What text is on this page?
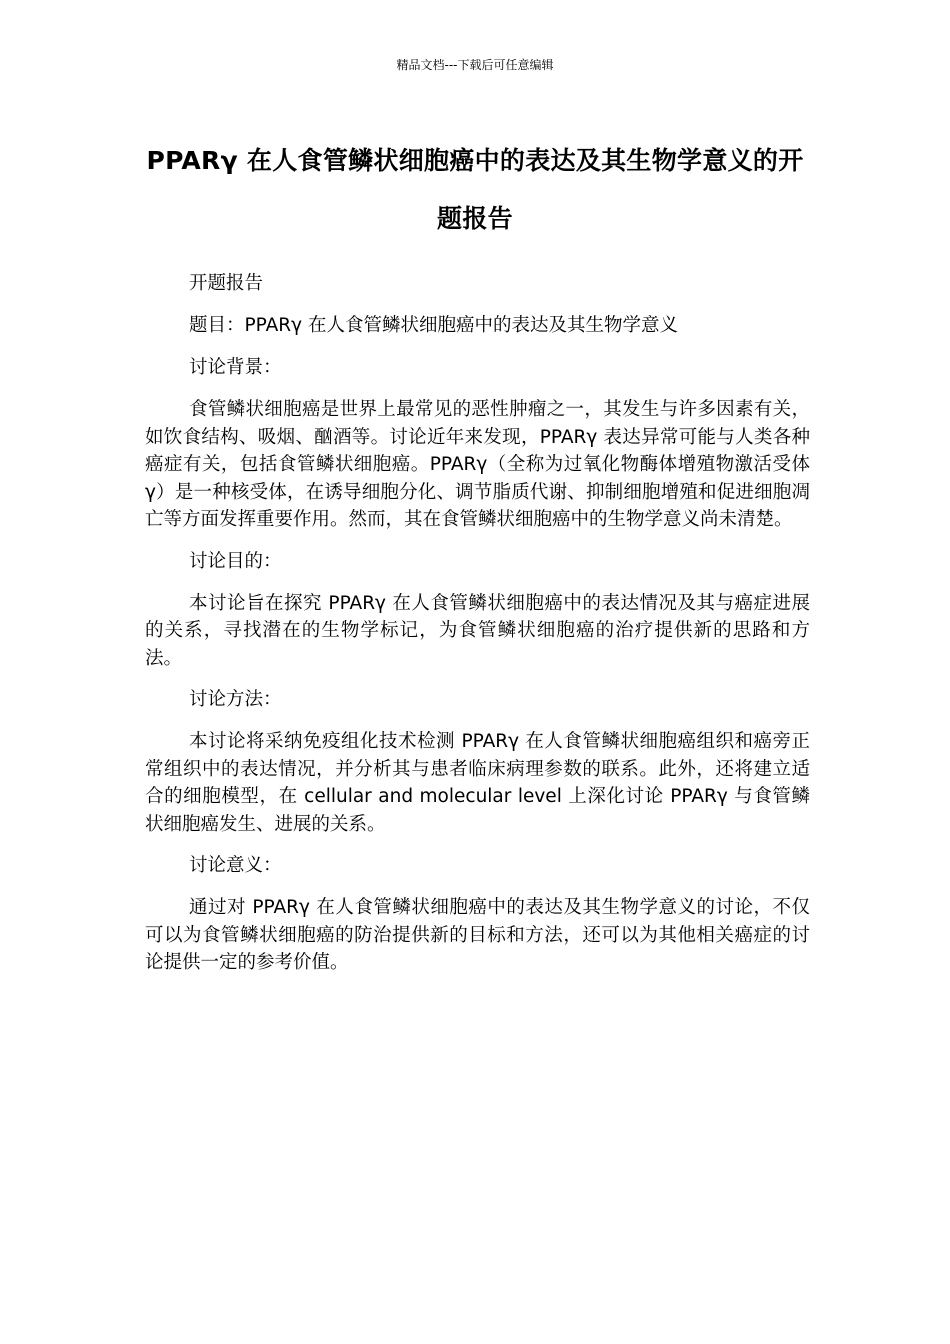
精品文档---下载后可任意编辑
PPARγ 在人食管鳞状细胞癌中的表达及其生物学意义的开题报告

开题报告

题目：PPARγ 在人食管鳞状细胞癌中的表达及其生物学意义

讨论背景：

食管鳞状细胞癌是世界上最常见的恶性肿瘤之一，其发生与许多因素有关，如饮食结构、吸烟、酗酒等。讨论近年来发现，PPARγ 表达异常可能与人类各种癌症有关，包括食管鳞状细胞癌。PPARγ（全称为过氧化物酶体增殖物激活受体 γ）是一种核受体，在诱导细胞分化、调节脂质代谢、抑制细胞增殖和促进细胞凋亡等方面发挥重要作用。然而，其在食管鳞状细胞癌中的生物学意义尚未清楚。

讨论目的：

本讨论旨在探究 PPARγ 在人食管鳞状细胞癌中的表达情况及其与癌症进展的关系，寻找潜在的生物学标记，为食管鳞状细胞癌的治疗提供新的思路和方法。

讨论方法：

本讨论将采纳免疫组化技术检测 PPARγ 在人食管鳞状细胞癌组织和癌旁正常组织中的表达情况，并分析其与患者临床病理参数的联系。此外，还将建立适合的细胞模型，在 cellular and molecular level 上深化讨论 PPARγ 与食管鳞状细胞癌发生、进展的关系。

讨论意义：

通过对 PPARγ 在人食管鳞状细胞癌中的表达及其生物学意义的讨论，不仅可以为食管鳞状细胞癌的防治提供新的目标和方法，还可以为其他相关癌症的讨论提供一定的参考价值。
